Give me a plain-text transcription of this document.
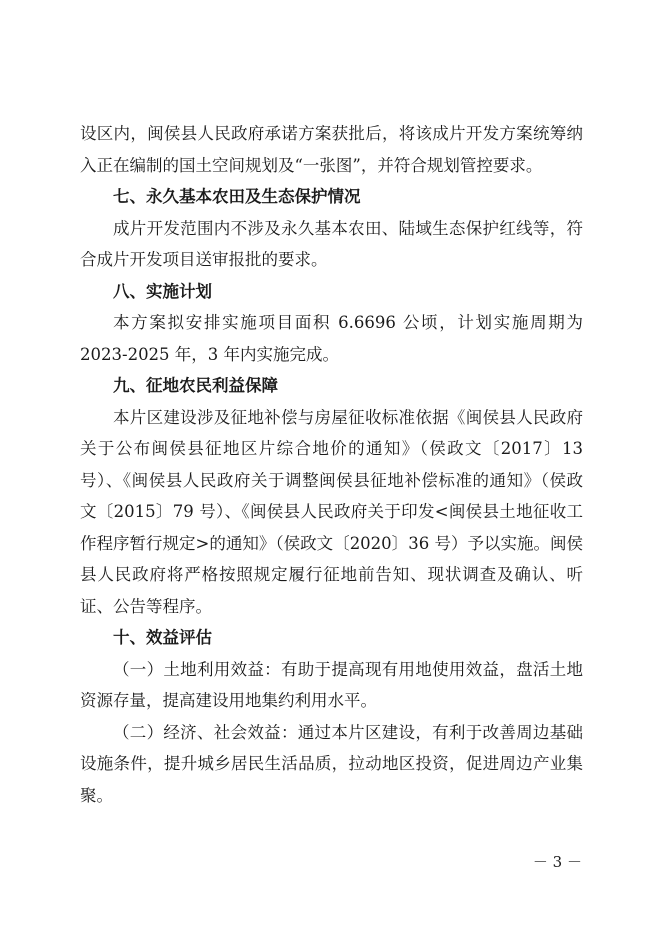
设区内，闽侯县人民政府承诺方案获批后，将该成片开发方案统筹纳入正在编制的国土空间规划及“一张图”，并符合规划管控要求。

七、永久基本农田及生态保护情况

成片开发范围内不涉及永久基本农田、陆域生态保护红线等，符合成片开发项目送审报批的要求。

八、实施计划

本方案拟安排实施项目面积 6.6696 公顷，计划实施周期为2023-2025 年，3 年内实施完成。

九、征地农民利益保障

本片区建设涉及征地补偿与房屋征收标准依据《闽侯县人民政府关于公布闽侯县征地区片综合地价的通知》（侯政文〔2017〕13号）、《闽侯县人民政府关于调整闽侯县征地补偿标准的通知》（侯政文〔2015〕79 号）、《闽侯县人民政府关于印发<闽侯县土地征收工作程序暂行规定>的通知》（侯政文〔2020〕36 号）予以实施。闽侯县人民政府将严格按照规定履行征地前告知、现状调查及确认、听证、公告等程序。

十、效益评估

（一）土地利用效益：有助于提高现有用地使用效益，盘活土地资源存量，提高建设用地集约利用水平。

（二）经济、社会效益：通过本片区建设，有利于改善周边基础设施条件，提升城乡居民生活品质，拉动地区投资，促进周边产业集聚。

－ 3 －
